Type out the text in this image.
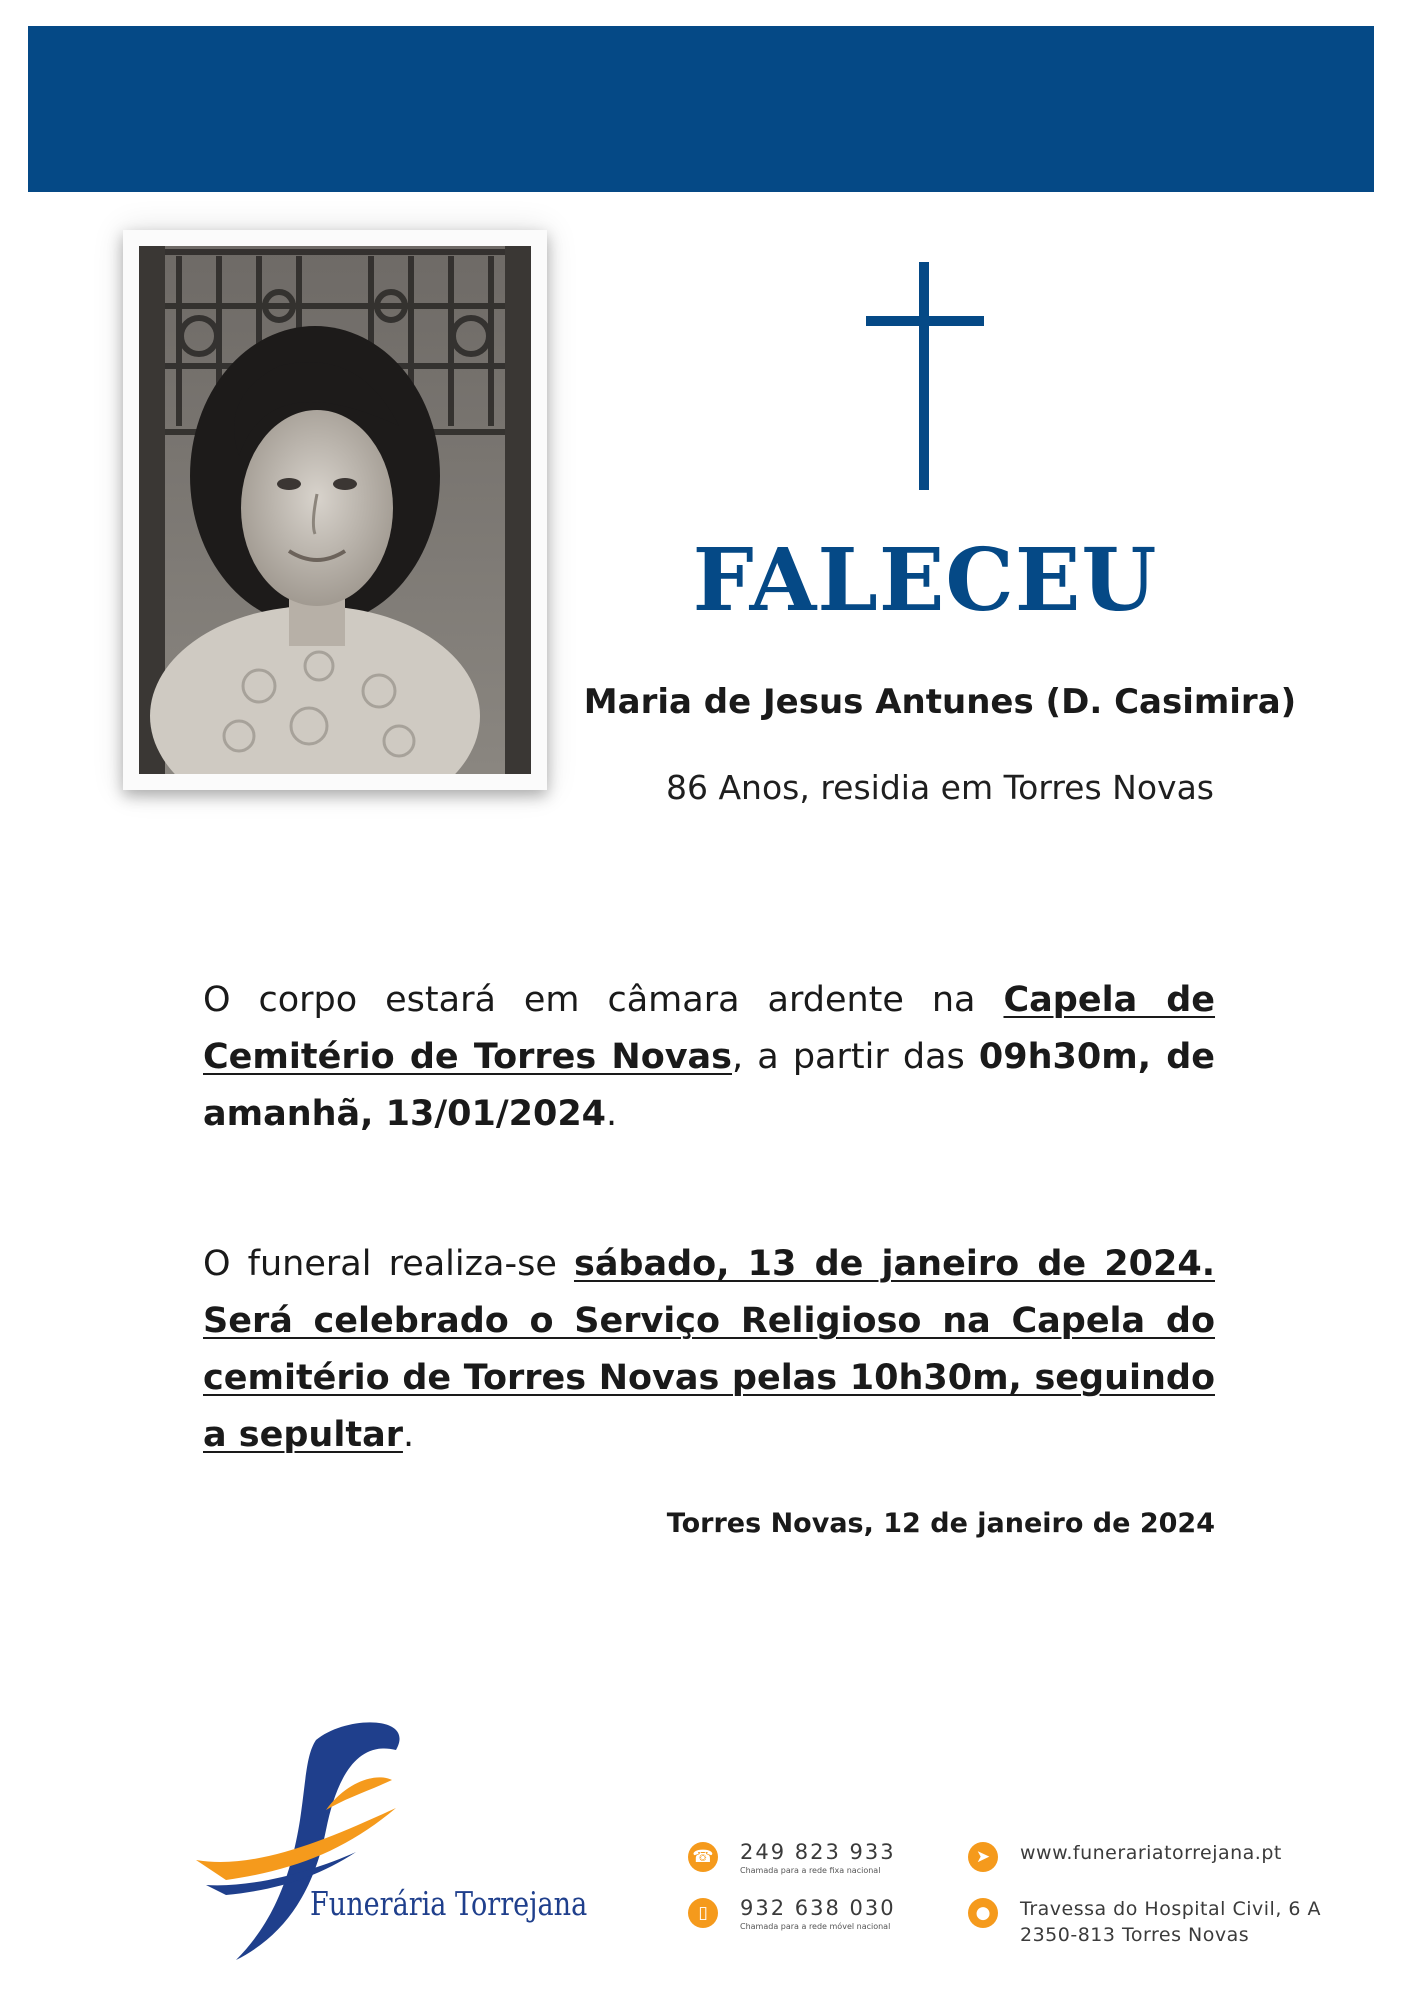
FALECEU
Maria de Jesus Antunes (D. Casimira)
86 Anos, residia em Torres Novas
O corpo estará em câmara ardente na Capela de Cemitério de Torres Novas, a partir das 09h30m, de amanhã, 13/01/2024.
O funeral realiza-se sábado, 13 de janeiro de 2024. Será celebrado o Serviço Religioso na Capela do cemitério de Torres Novas pelas 10h30m, seguindo a sepultar.
Torres Novas, 12 de janeiro de 2024
Funerária Torrejana
☎ 249 823 933
Chamada para a rede fixa nacional
▯	932 638 030
Chamada para a rede móvel nacional
➤	www.funerariatorrejana.pt
●	Travessa do Hospital Civil, 6 A
2350-813 Torres Novas
